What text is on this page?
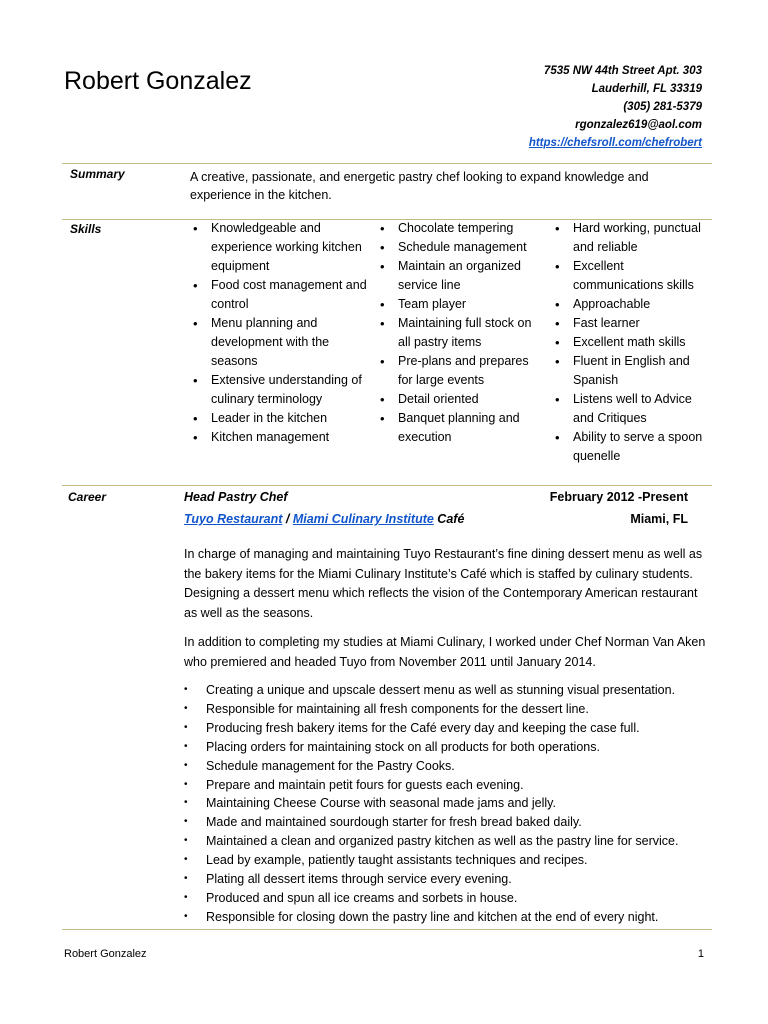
Robert Gonzalez	7535 NW 44th Street Apt. 303
Lauderhill, FL 33319
(305) 281-5379
rgonzalez619@aol.com
https://chefsroll.com/chefrobert
Summary	A creative, passionate, and energetic pastry chef looking to expand knowledge and experience in the kitchen.
Skills
•	Knowledgeable and experience working kitchen equipment
• Food cost management and control
• Menu planning and development with the seasons
• Extensive understanding of culinary terminology
• Leader in the kitchen
• Kitchen management
• Chocolate tempering
• Schedule management
• Maintain an organized service line
• Team player
• Maintaining full stock on all pastry items
• Pre-plans and prepares for large events
• Detail oriented
• Banquet planning and execution
• Hard working, punctual and reliable
• Excellent communications skills
• Approachable
• Fast learner
• Excellent math skills
• Fluent in English and Spanish
• Listens well to Advice and Critiques
• Ability to serve a spoon quenelle
Career	Head Pastry Chef	February 2012 -Present
Tuyo Restaurant / Miami Culinary Institute Café	Miami, FL

In charge of managing and maintaining Tuyo Restaurant’s fine dining dessert menu as well as the bakery items for the Miami Culinary Institute’s Café which is staffed by culinary students. Designing a dessert menu which reflects the vision of the Contemporary American restaurant as well as the seasons.

In addition to completing my studies at Miami Culinary, I worked under Chef Norman Van Aken who premiered and headed Tuyo from November 2011 until January 2014.

• Creating a unique and upscale dessert menu as well as stunning visual presentation.
• Responsible for maintaining all fresh components for the dessert line.
• Producing fresh bakery items for the Café every day and keeping the case full.
• Placing orders for maintaining stock on all products for both operations.
• Schedule management for the Pastry Cooks.
• Prepare and maintain petit fours for guests each evening.
• Maintaining Cheese Course with seasonal made jams and jelly.
• Made and maintained sourdough starter for fresh bread baked daily.
• Maintained a clean and organized pastry kitchen as well as the pastry line for service.
• Lead by example, patiently taught assistants techniques and recipes.
• Plating all dessert items through service every evening.
• Produced and spun all ice creams and sorbets in house.
• Responsible for closing down the pastry line and kitchen at the end of every night.
Robert Gonzalez	1
